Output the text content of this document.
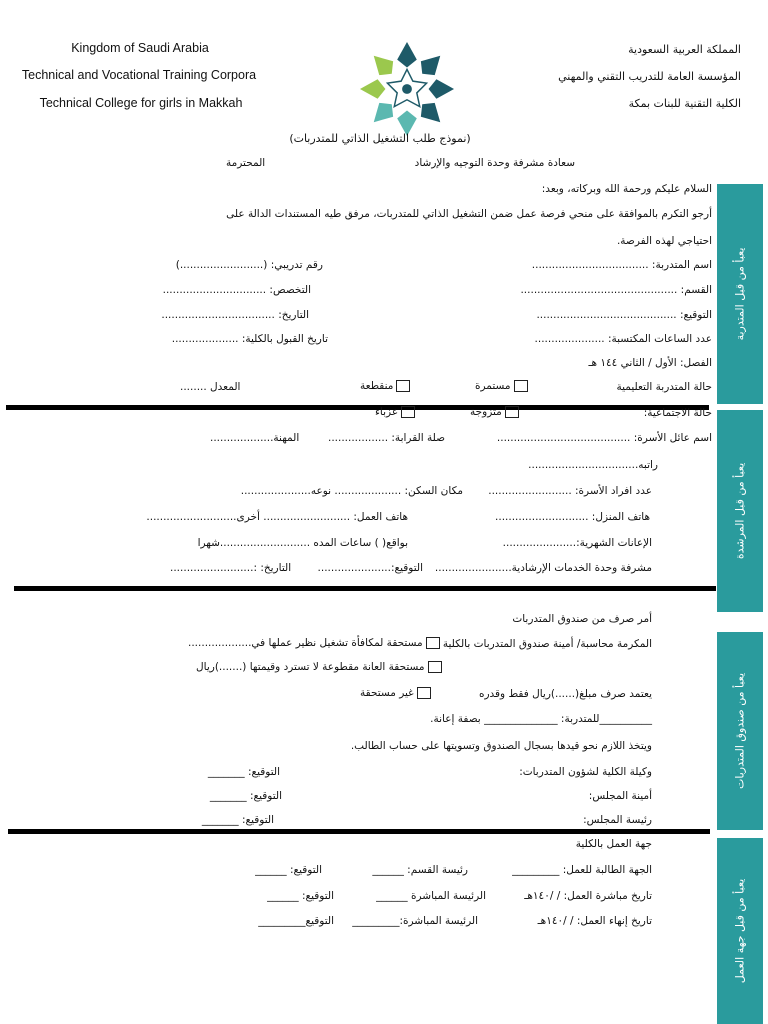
Kingdom of Saudi Arabia
Technical and Vocational Training Corpora
Technical College for girls in Makkah
المملكة العربية السعودية
المؤسسة العامة للتدريب التقني والمهني
الكلية التقنية للبنات بمكة
(نموذج طلب التشغيل الذاتي للمتدربات)
سعادة مشرفة وحدة التوجيه والإرشاد
المحترمة
السلام عليكم ورحمة الله وبركاته، وبعد:
أرجو التكرم بالموافقة على منحي فرصة عمل ضمن التشغيل الذاتي للمتدربات، مرفق طيه المستندات الدالة على
احتياجي لهذه الفرصة.
اسم المتدربة: ...................................
رقم تدريبي: (.........................)
القسم: ...............................................
التخصص: ...............................
التوقيع: ..........................................
التاريخ: ..................................
عدد الساعات المكتسبة: .....................
تاريخ القبول بالكلية: ....................
الفصل: الأول / الثاني ١٤٤ هـ
حالة المتدربة التعليمية
مستمرة
منقطعة
المعدل ........
حالة الاجتماعية:
متزوجة
عزباء
اسم عائل الأسرة: ........................................
صلة القرابة: ..................
المهنة...................
راتبه.................................
عدد افراد الأسرة: .........................
مكان السكن: .................... نوعه.....................
هاتف المنزل: ............................
هاتف العمل: .......................... أخرى...........................
الإعانات الشهرية:......................
بواقع( ) ساعات المده ...........................شهرا
مشرفة وحدة الخدمات الإرشادية.......................
التوقيع:......................
التاريخ: :.........................
أمر صرف من صندوق المتدربات
المكرمة محاسبة/ أمينة صندوق المتدربات بالكلية
مستحقة لمكافأة تشغيل نظير عملها في...................
مستحقة العانة مقطوعة لا تسترد وقيمتها (.......)ريال
يعتمد صرف مبلغ(......)ريال فقط وقدره
غير مستحقة
__________للمتدربة: ______________ بصفة إعانة.
ويتخذ اللازم نحو قيدها بسجال الصندوق وتسويتها على حساب الطالب.
وكيلة الكلية لشؤون المتدربات:
التوقيع: _______
أمينة المجلس:
التوقيع: _______
رئيسة المجلس:
التوقيع: _______
جهة العمل بالكلية
الجهة الطالبة للعمل: _________
رئيسة القسم: ______
التوقيع: ______
تاريخ مباشرة العمل: / /١٤٠هـ
الرئيسة المباشرة ______
التوقيع: ______
تاريخ إنهاء العمل: / /١٤٠هـ
الرئيسة المباشرة:_________
التوقيع_________
يعبأ من قبل المتدربة
يعبأ من قبل المرشدة
يعبأ من صندوق المتدربات
يعبأ من قبل جهة العمل
